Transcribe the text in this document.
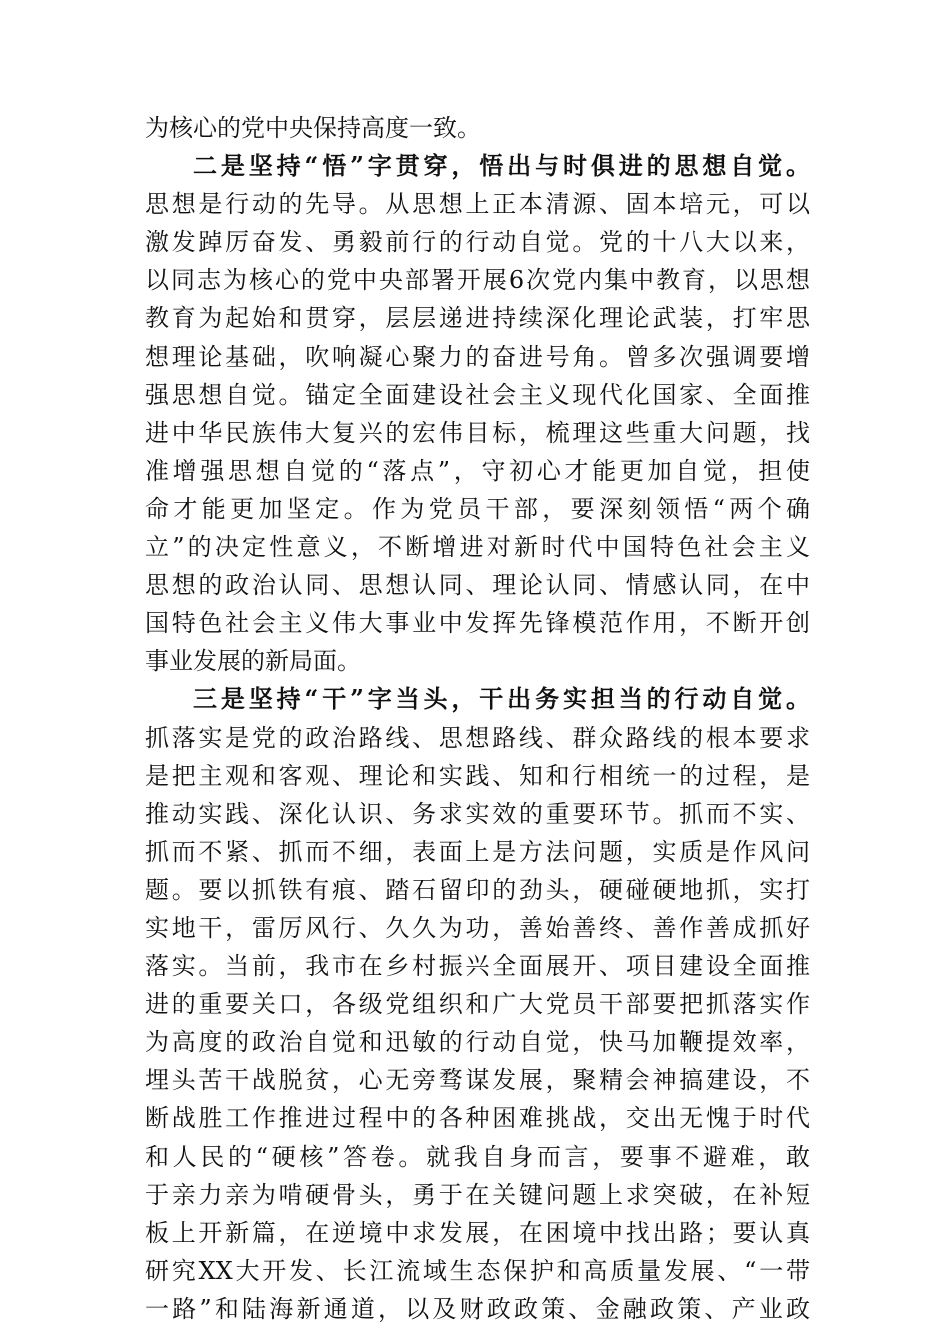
为核心的党中央保持高度一致。
二是坚持“悟”字贯穿，悟出与时俱进的思想自觉。
思想是行动的先导。从思想上正本清源、固本培元，可以
激发踔厉奋发、勇毅前行的行动自觉。党的十八大以来，
以同志为核心的党中央部署开展6次党内集中教育，以思想
教育为起始和贯穿，层层递进持续深化理论武装，打牢思
想理论基础，吹响凝心聚力的奋进号角。曾多次强调要增
强思想自觉。锚定全面建设社会主义现代化国家、全面推
进中华民族伟大复兴的宏伟目标，梳理这些重大问题，找
准增强思想自觉的“落点”，守初心才能更加自觉，担使
命才能更加坚定。作为党员干部，要深刻领悟“两个确
立”的决定性意义，不断增进对新时代中国特色社会主义
思想的政治认同、思想认同、理论认同、情感认同，在中
国特色社会主义伟大事业中发挥先锋模范作用，不断开创
事业发展的新局面。
三是坚持“干”字当头，干出务实担当的行动自觉。
抓落实是党的政治路线、思想路线、群众路线的根本要求
是把主观和客观、理论和实践、知和行相统一的过程，是
推动实践、深化认识、务求实效的重要环节。抓而不实、
抓而不紧、抓而不细，表面上是方法问题，实质是作风问
题。要以抓铁有痕、踏石留印的劲头，硬碰硬地抓，实打
实地干，雷厉风行、久久为功，善始善终、善作善成抓好
落实。当前，我市在乡村振兴全面展开、项目建设全面推
进的重要关口，各级党组织和广大党员干部要把抓落实作
为高度的政治自觉和迅敏的行动自觉，快马加鞭提效率，
埋头苦干战脱贫，心无旁骛谋发展，聚精会神搞建设，不
断战胜工作推进过程中的各种困难挑战，交出无愧于时代
和人民的“硬核”答卷。就我自身而言，要事不避难，敢
于亲力亲为啃硬骨头，勇于在关键问题上求突破，在补短
板上开新篇，在逆境中求发展，在困境中找出路；要认真
研究XX大开发、长江流域生态保护和高质量发展、“一带
一路”和陆海新通道，以及财政政策、金融政策、产业政
